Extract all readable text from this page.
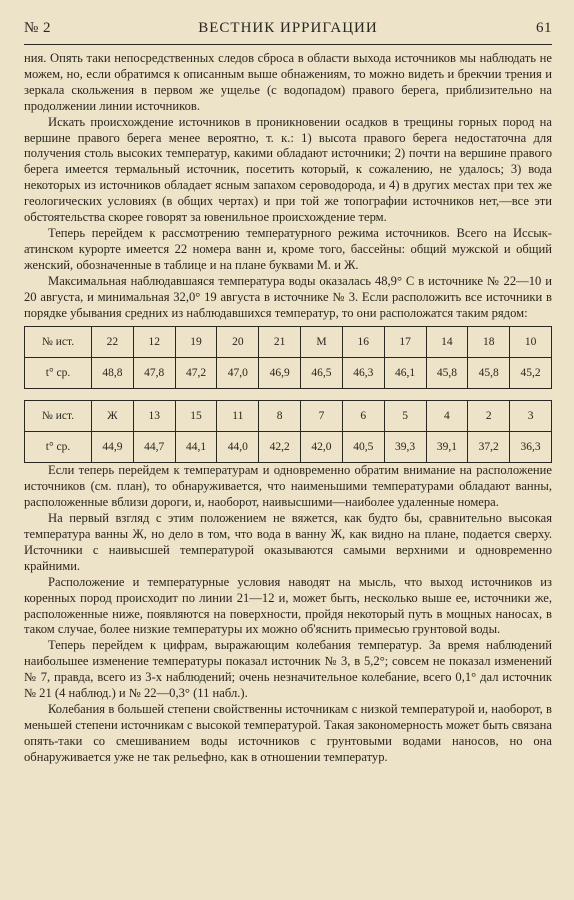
№ 2	ВЕСТНИК ИРРИГАЦИИ	61

ния. Опять таки непосредственных следов сброса в области выхода источников мы наблюдать не можем, но, если обратимся к описанным выше обнажениям, то можно видеть и брекчии трения и зеркала скольжения в первом же ущелье (с водопадом) правого берега, приблизительно на продолжении линии источников.

Искать происхождение источников в проникновении осадков в трещины горных пород на вершине правого берега менее вероятно, т. к.: 1) высота правого берега недостаточна для получения столь высоких температур, какими обладают источники; 2) почти на вершине правого берега имеется термальный источник, посетить который, к сожалению, не удалось; 3) вода некоторых из источников обладает ясным запахом сероводорода, и 4) в других местах при тех же геологических условиях (в общих чертах) и при той же топографии источников нет,—все эти обстоятельства скорее говорят за ювенильное происхождение терм.

Теперь перейдем к рассмотрению температурного режима источников. Всего на Иссык-атинском курорте имеется 22 номера ванн и, кроме того, бассейны: общий мужской и общий женский, обозначенные в таблице и на плане буквами М. и Ж.

Максимальная наблюдавшаяся температура воды оказалась 48,9° С в источнике № 22—10 и 20 августа, и минимальная 32,0° 19 августа в источнике № 3. Если расположить все источники в порядке убывания средних из наблюдавшихся температур, то они расположатся таким рядом:

№ ист.	22	12	19	20	21	М	16	17	14	18	10
t° ср.	48,8	47,8	47,2	47,0	46,9	46,5	46,3	46,1	45,8	45,8	45,2
№ ист.	Ж	13	15	11	8	7	6	5	4	2	3
t° ср.	44,9	44,7	44,1	44,0	42,2	42,0	40,5	39,3	39,1	37,2	36,3

Если теперь перейдем к температурам и одновременно обратим внимание на расположение источников (см. план), то обнаруживается, что наименьшими температурами обладают ванны, расположенные вблизи дороги, и, наоборот, наивысшими—наиболее удаленные номера.

На первый взгляд с этим положением не вяжется, как будто бы, сравнительно высокая температура ванны Ж, но дело в том, что вода в ванну Ж, как видно на плане, подается сверху. Источники с наивысшей температурой оказываются самыми верхними и одновременно крайними.

Расположение и температурные условия наводят на мысль, что выход источников из коренных пород происходит по линии 21—12 и, может быть, несколько выше ее, источники же, расположенные ниже, появляются на поверхности, пройдя некоторый путь в мощных наносах, в таком случае, более низкие температуры их можно об'яснить примесью грунтовой воды.

Теперь перейдем к цифрам, выражающим колебания температур. За время наблюдений наибольшее изменение температуры показал источник № 3, в 5,2°; совсем не показал изменений № 7, правда, всего из 3-х наблюдений; очень незначительное колебание, всего 0,1° дал источник № 21 (4 наблюд.) и № 22—0,3° (11 набл.).

Колебания в большей степени свойственны источникам с низкой температурой и, наоборот, в меньшей степени источникам с высокой температурой. Такая закономерность может быть связана опять-таки со смешиванием воды источников с грунтовыми водами наносов, но она обнаруживается уже не так рельефно, как в отношении температур.
